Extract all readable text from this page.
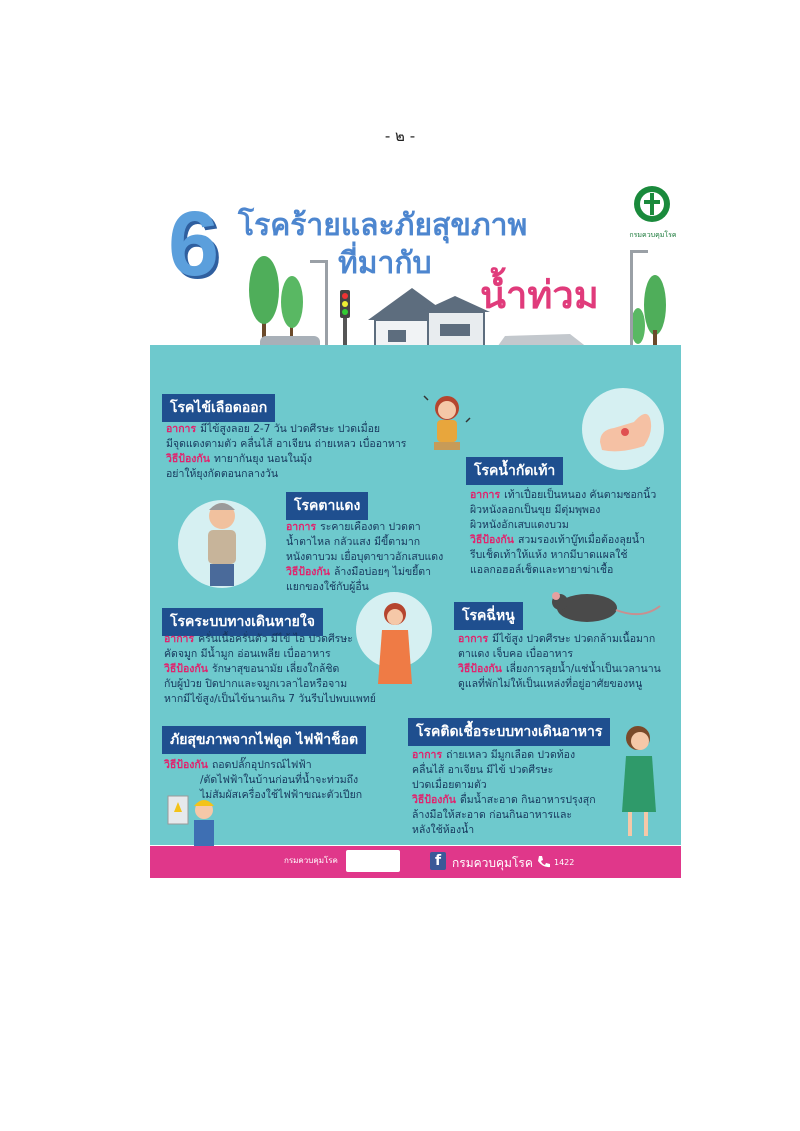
- ๒ -
6 โรคร้ายและภัยสุขภาพ
ที่มากับ
น้ำท่วม
กรมควบคุมโรค
โรคไข้เลือดออก

อาการ มีไข้สูงลอย 2-7 วัน ปวดศีรษะ ปวดเมื่อย

มีจุดแดงตามตัว คลื่นไส้ อาเจียน ถ่ายเหลว เบื่ออาหาร

วิธีป้องกัน ทายากันยุง นอนในมุ้ง

อย่าให้ยุงกัดตอนกลางวัน	โรคน้ำกัดเท้า

อาการ เท้าเปื่อยเป็นหนอง คันตามซอกนิ้ว

ผิวหนังลอกเป็นขุย มีตุ่มพุพอง

ผิวหนังอักเสบแดงบวม

วิธีป้องกัน สวมรองเท้าบู๊ทเมื่อต้องลุยน้ำ

รีบเช็ดเท้าให้แห้ง หากมีบาดแผลใช้

แอลกอฮอล์เช็ดและทายาฆ่าเชื้อ

โรคตาแดง

อาการ ระคายเคืองตา ปวดตา

น้ำตาไหล กลัวแสง มีขี้ตามาก

หนังตาบวม เยื่อบุตาขาวอักเสบแดง

วิธีป้องกัน ล้างมือบ่อยๆ ไม่ขยี้ตา

แยกของใช้กับผู้อื่น

โรคระบบทางเดินหายใจ

อาการ ครั่นเนื้อครั่นตัว มีไข้ ไอ ปวดศีรษะ

คัดจมูก มีน้ำมูก อ่อนเพลีย เบื่ออาหาร

วิธีป้องกัน รักษาสุขอนามัย เลี่ยงใกล้ชิด

กับผู้ป่วย ปิดปากและจมูกเวลาไอหรือจาม

หากมีไข้สูง/เป็นไข้นานเกิน 7 วันรีบไปพบแพทย์

โรคฉี่หนู

อาการ มีไข้สูง ปวดศีรษะ ปวดกล้ามเนื้อมาก

ตาแดง เจ็บคอ เบื่ออาหาร

วิธีป้องกัน เลี่ยงการลุยน้ำ/แช่น้ำเป็นเวลานาน

ดูแลที่พักไม่ให้เป็นแหล่งที่อยู่อาศัยของหนู

ภัยสุขภาพจากไฟดูด ไฟฟ้าช็อต

วิธีป้องกัน ถอดปลั๊กอุปกรณ์ไฟฟ้า

/ตัดไฟฟ้าในบ้านก่อนที่น้ำจะท่วมถึง

ไม่สัมผัสเครื่องใช้ไฟฟ้าขณะตัวเปียก

โรคติดเชื้อระบบทางเดินอาหาร

อาการ ถ่ายเหลว มีมูกเลือด ปวดท้อง

คลื่นไส้ อาเจียน มีไข้ ปวดศีรษะ

ปวดเมื่อยตามตัว

วิธีป้องกัน ดื่มน้ำสะอาด กินอาหารปรุงสุก

ล้างมือให้สะอาด ก่อนกินอาหารและ

หลังใช้ห้องน้ำ

กรมควบคุมโรค	f กรมควบคุมโรค	1422
